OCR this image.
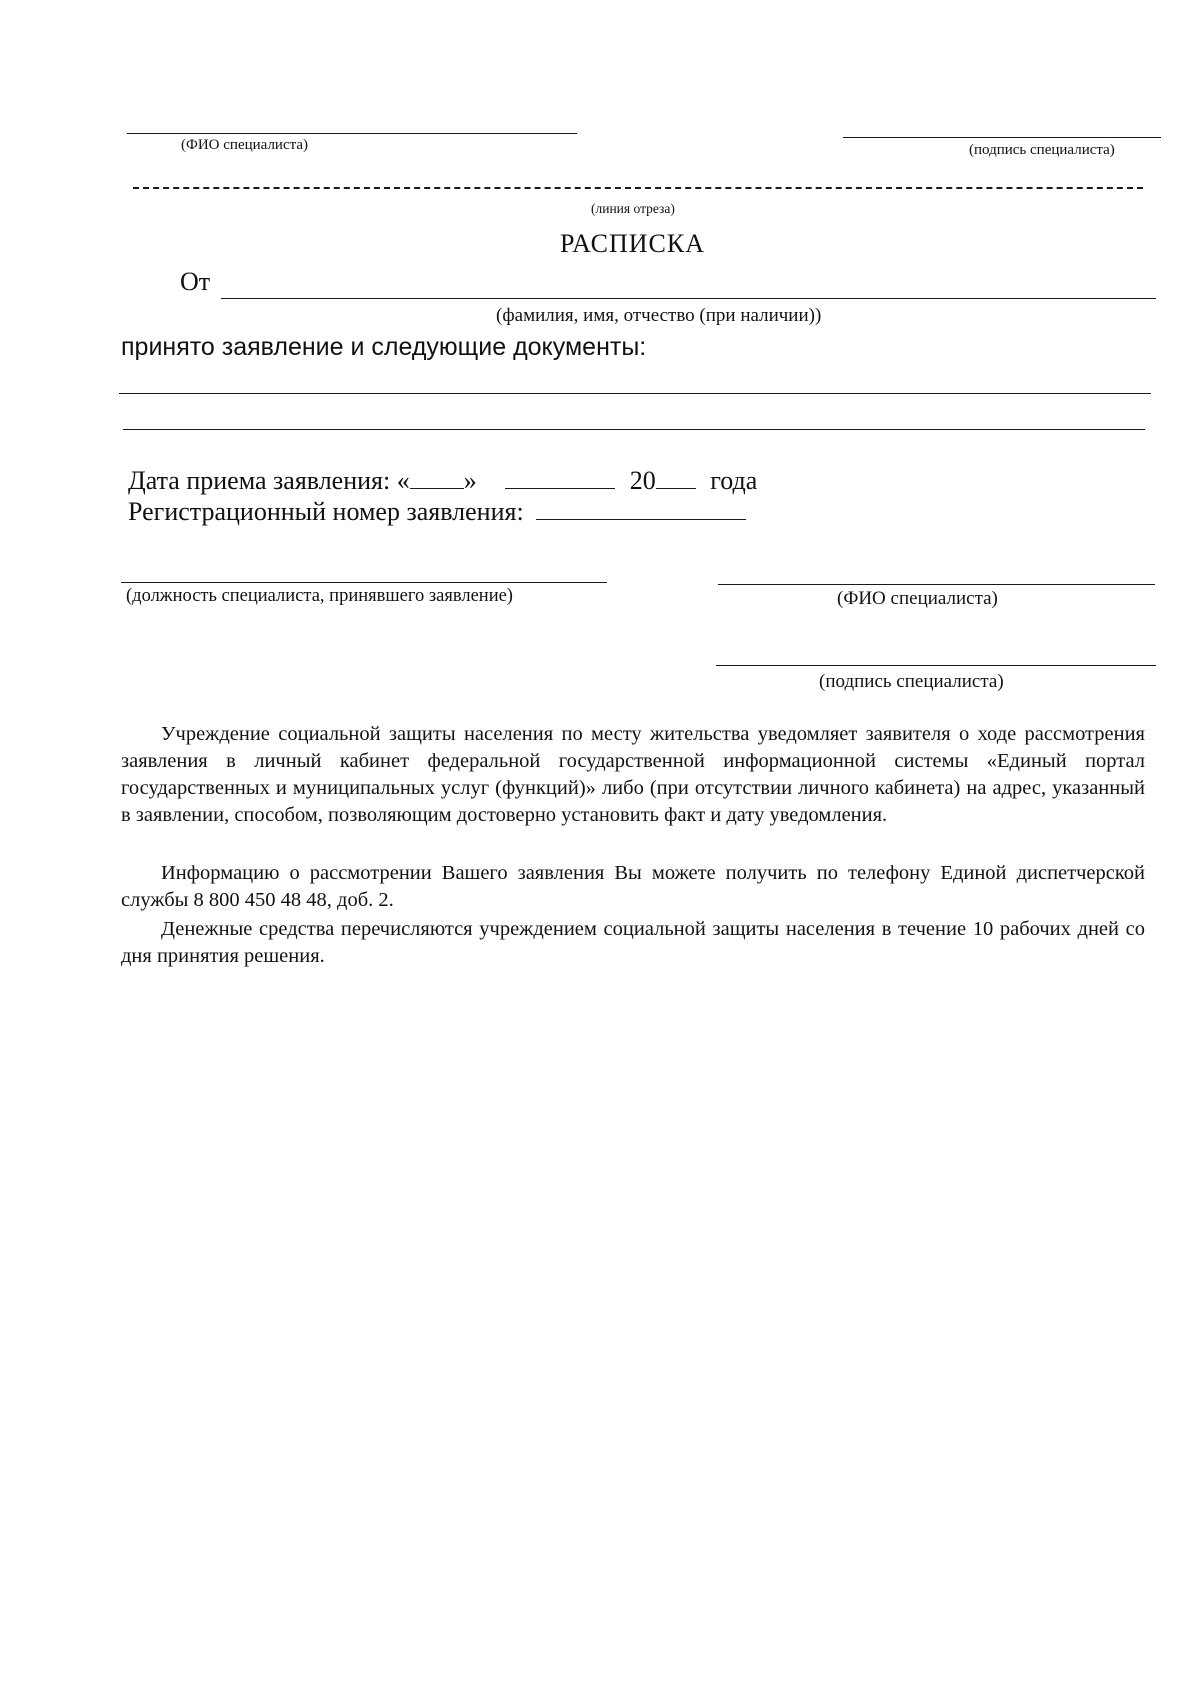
(ФИО специалиста)	(подпись специалиста)
(линия отреза)
РАСПИСКА
От
(фамилия, имя, отчество (при наличии))
принято заявление и следующие документы:
Дата приема заявления: « »	20 года
Регистрационный номер заявления:
(должность специалиста, принявшего заявление)	(ФИО специалиста)
(подпись специалиста)

Учреждение социальной защиты населения по месту жительства уведомляет заявителя о ходе рассмотрения заявления в личный кабинет федеральной государственной информационной системы «Единый портал государственных и муниципальных услуг (функций)» либо (при отсутствии личного кабинета) на адрес, указанный в заявлении, способом, позволяющим достоверно установить факт и дату уведомления.

Информацию о рассмотрении Вашего заявления Вы можете получить по телефону Единой диспетчерской службы 8 800 450 48 48, доб. 2.

Денежные средства перечисляются учреждением социальной защиты населения в течение 10 рабочих дней со дня принятия решения.
